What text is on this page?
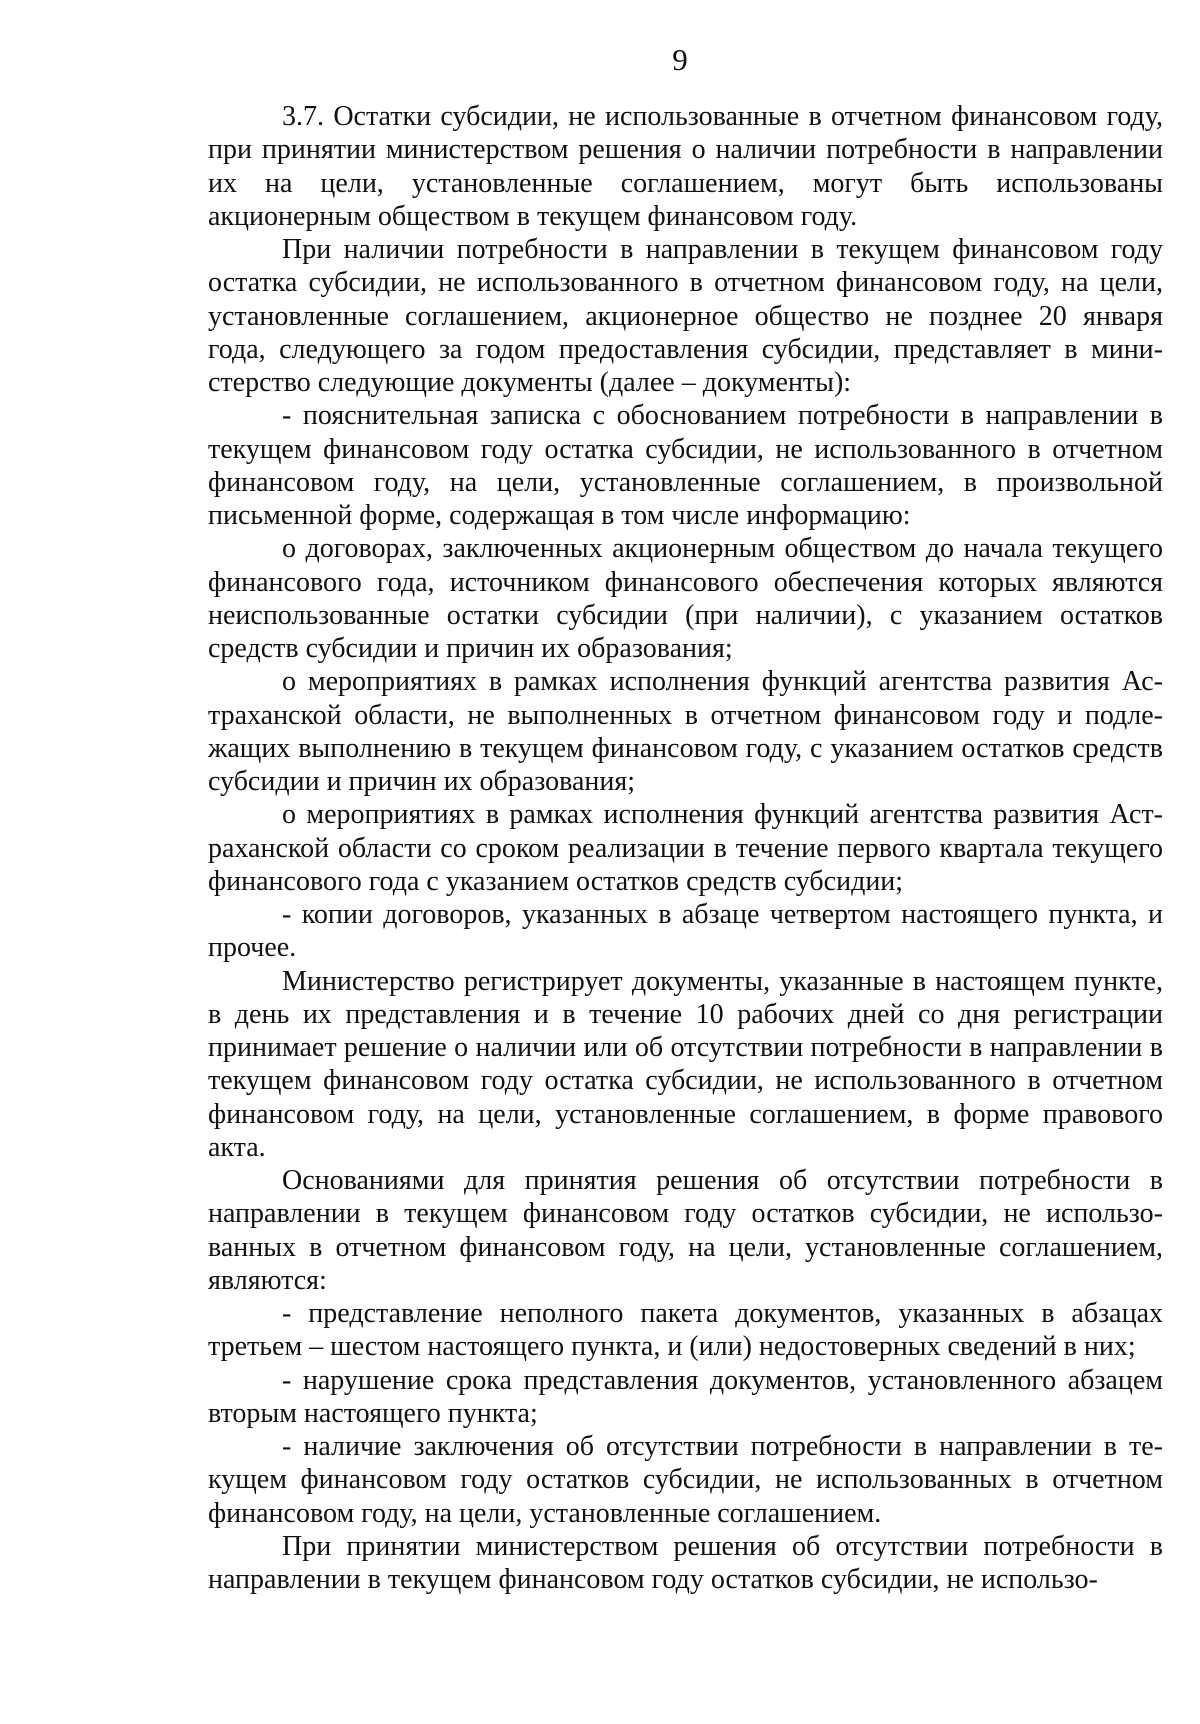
9

3.7. Остатки субсидии, не использованные в отчетном финансовом году, при принятии министерством решения о наличии потребности в направлении их на цели, установленные соглашением, могут быть использованы акционерным обществом в текущем финансовом году.

При наличии потребности в направлении в текущем финансовом году остатка субсидии, не использованного в отчетном финансовом году, на цели, установленные соглашением, акционерное общество не позднее 20 января года, следующего за годом предоставления субсидии, представляет в министерство следующие документы (далее – документы):

- пояснительная записка с обоснованием потребности в направлении в текущем финансовом году остатка субсидии, не использованного в отчетном финансовом году, на цели, установленные соглашением, в произвольной письменной форме, содержащая в том числе информацию:

о договорах, заключенных акционерным обществом до начала текущего финансового года, источником финансового обеспечения которых являются неиспользованные остатки субсидии (при наличии), с указанием остатков средств субсидии и причин их образования;

о мероприятиях в рамках исполнения функций агентства развития Астраханской области, не выполненных в отчетном финансовом году и подлежащих выполнению в текущем финансовом году, с указанием остатков средств субсидии и причин их образования;

о мероприятиях в рамках исполнения функций агентства развития Астраханской области со сроком реализации в течение первого квартала текущего финансового года с указанием остатков средств субсидии;

- копии договоров, указанных в абзаце четвертом настоящего пункта, и прочее.

Министерство регистрирует документы, указанные в настоящем пункте, в день их представления и в течение 10 рабочих дней со дня регистрации принимает решение о наличии или об отсутствии потребности в направлении в текущем финансовом году остатка субсидии, не использованного в отчетном финансовом году, на цели, установленные соглашением, в форме правового акта.

Основаниями для принятия решения об отсутствии потребности в направлении в текущем финансовом году остатков субсидии, не использованных в отчетном финансовом году, на цели, установленные соглашением, являются:

- представление неполного пакета документов, указанных в абзацах третьем – шестом настоящего пункта, и (или) недостоверных сведений в них;

- нарушение срока представления документов, установленного абзацем вторым настоящего пункта;

- наличие заключения об отсутствии потребности в направлении в текущем финансовом году остатков субсидии, не использованных в отчетном финансовом году, на цели, установленные соглашением.

При принятии министерством решения об отсутствии потребности в направлении в текущем финансовом году остатков субсидии, не использо-
